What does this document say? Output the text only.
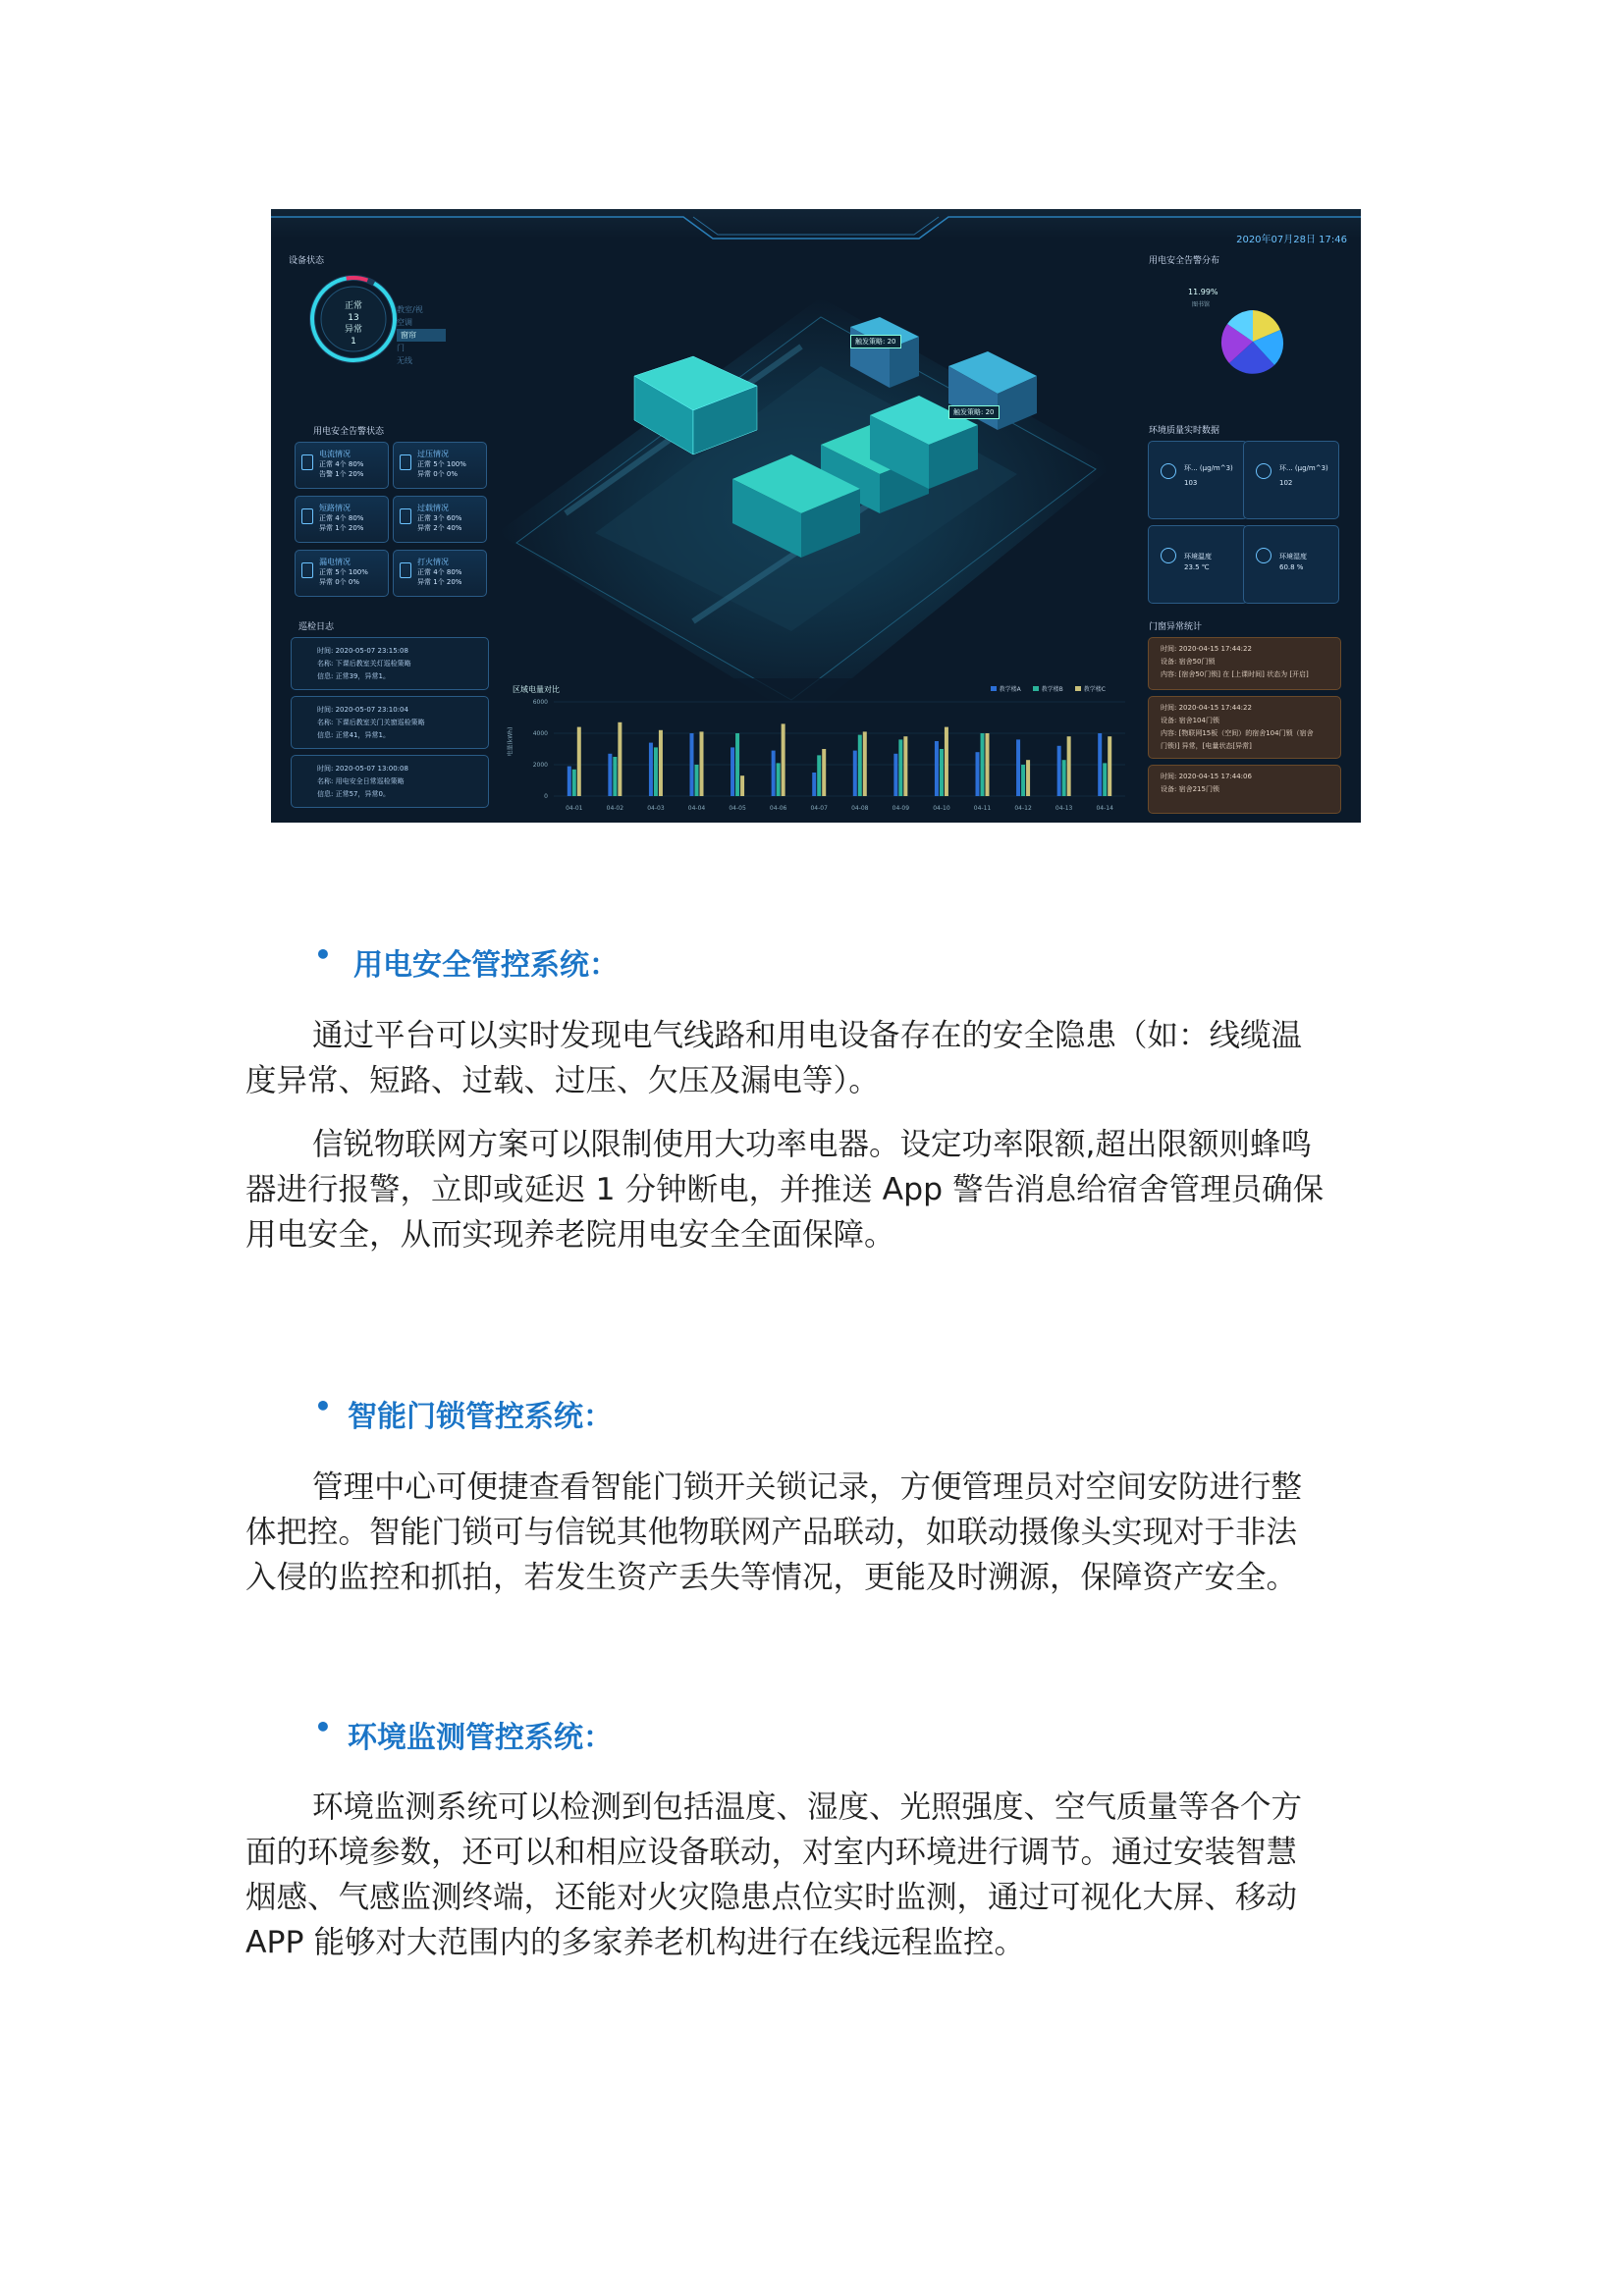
2020年07月28日 17:46
触发策略: 20
触发策略: 20
设备状态
正常
13
异常
1
教室/视
空调
窗帘
门
无线
用电安全告警状态
电流情况
正常 4个 80%
告警 1个 20%
过压情况
正常 5个 100%
异常 0个 0%
短路情况
正常 4个 80%
异常 1个 20%
过载情况
正常 3个 60%
异常 2个 40%
漏电情况
正常 5个 100%
异常 0个 0%
打火情况
正常 4个 80%
异常 1个 20%
巡检日志
时间: 2020-05-07 23:15:08
名称: 下课后教室关灯巡检策略
信息: 正常39，异常1。
时间: 2020-05-07 23:10:04
名称: 下课后教室关门关窗巡检策略
信息: 正常41，异常1。
时间: 2020-05-07 13:00:08
名称: 用电安全日常巡检策略
信息: 正常57，异常0。
用电安全告警分布
11.99%
图书馆
环境质量实时数据
环... (μg/m^3)
103
环... (μg/m^3)
102
环境温度
23.5 ℃
环境湿度
60.8 %
门窗异常统计
时间: 2020-04-15 17:44:22
设备: 宿舍50门锁
内容: [宿舍50门锁] 在 [上课时间] 状态为 [开启]
时间: 2020-04-15 17:44:22
设备: 宿舍104门锁
内容: [物联网15板（空间）的宿舍104门锁（宿舍
门锁)] 异常，[电量状态[异常]
时间: 2020-04-15 17:44:06
设备: 宿舍215门锁
区域电量对比	教学楼A	教学楼B	教学楼C
电量(kWh)
6000
4000
2000
0
04-01	04-02	04-03	04-04	04-05	04-06	04-07	04-08	04-09	04-10	04-11	04-12	04-13	04-14
• 用电安全管控系统：
通过平台可以实时发现电气线路和用电设备存在的安全隐患（如：线缆温
度异常、短路、过载、过压、欠压及漏电等）。
信锐物联网方案可以限制使用大功率电器。设定功率限额,超出限额则蜂鸣
器进行报警，立即或延迟 1 分钟断电，并推送 App 警告消息给宿舍管理员确保
用电安全，从而实现养老院用电安全全面保障。
• 智能门锁管控系统：
管理中心可便捷查看智能门锁开关锁记录，方便管理员对空间安防进行整
体把控。智能门锁可与信锐其他物联网产品联动，如联动摄像头实现对于非法
入侵的监控和抓拍，若发生资产丢失等情况，更能及时溯源，保障资产安全。
• 环境监测管控系统：
环境监测系统可以检测到包括温度、湿度、光照强度、空气质量等各个方
面的环境参数，还可以和相应设备联动，对室内环境进行调节。通过安装智慧
烟感、气感监测终端，还能对火灾隐患点位实时监测，通过可视化大屏、移动
APP 能够对大范围内的多家养老机构进行在线远程监控。
